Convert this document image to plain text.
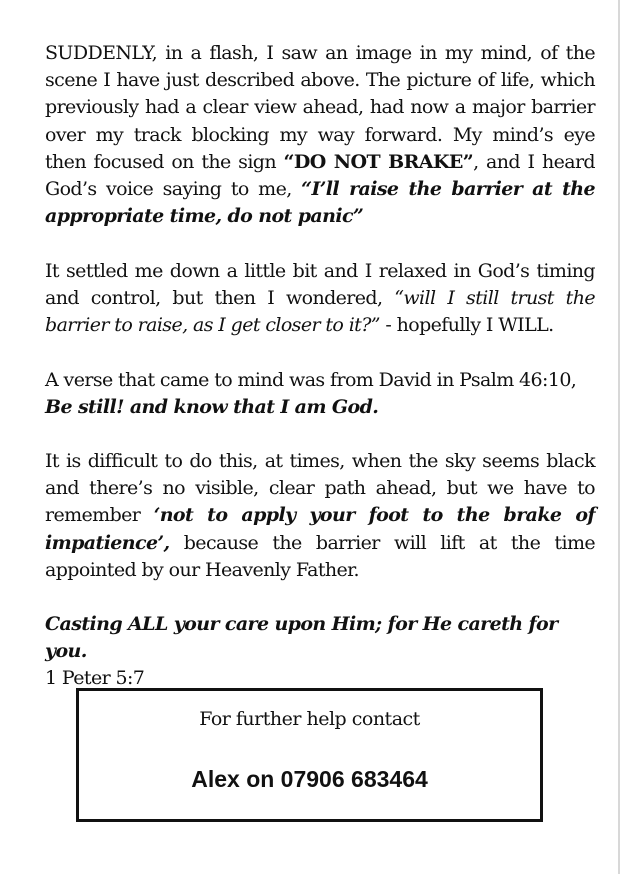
SUDDENLY, in a flash, I saw an image in my mind, of the scene I have just described above. The picture of life, which previously had a clear view ahead, had now a major barrier over my track blocking my way forward. My mind’s eye then focused on the sign “DO NOT BRAKE”, and I heard God’s voice saying to me, “I’ll raise the barrier at the appropriate time, do not panic”

It settled me down a little bit and I relaxed in God’s timing and control, but then I wondered, “will I still trust the barrier to raise, as I get closer to it?” - hopefully I WILL.

A verse that came to mind was from David in Psalm 46:10,
Be still! and know that I am God.

It is difficult to do this, at times, when the sky seems black and there’s no visible, clear path ahead, but we have to remember ‘not to apply your foot to the brake of impatience’, because the barrier will lift at the time appointed by our Heavenly Father.

Casting ALL your care upon Him; for He careth for you.
1 Peter 5:7

For further help contact
Alex on 07906 683464
